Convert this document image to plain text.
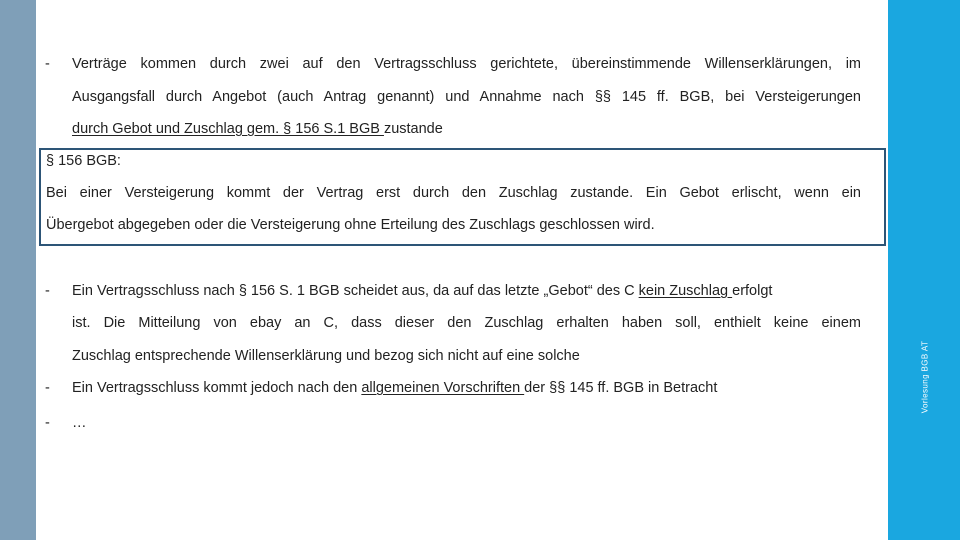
Vorlesung BGB AT
- Verträge kommen durch zwei auf den Vertragsschluss gerichtete, übereinstimmende Willenserklärungen, im
Ausgangsfall durch Angebot (auch Antrag genannt) und Annahme nach §§ 145 ff. BGB, bei Versteigerungen
durch Gebot und Zuschlag gem. § 156 S.1 BGB zustande
§ 156 BGB:
Bei einer Versteigerung kommt der Vertrag erst durch den Zuschlag zustande. Ein Gebot erlischt, wenn ein
Übergebot abgegeben oder die Versteigerung ohne Erteilung des Zuschlags geschlossen wird.
- Ein Vertragsschluss nach § 156 S. 1 BGB scheidet aus, da auf das letzte „Gebot“ des C kein Zuschlag erfolgt
ist. Die Mitteilung von ebay an C, dass dieser den Zuschlag erhalten haben soll, enthielt keine einem
Zuschlag entsprechende Willenserklärung und bezog sich nicht auf eine solche
- Ein Vertragsschluss kommt jedoch nach den allgemeinen Vorschriften der §§ 145 ff. BGB in Betracht
- …
